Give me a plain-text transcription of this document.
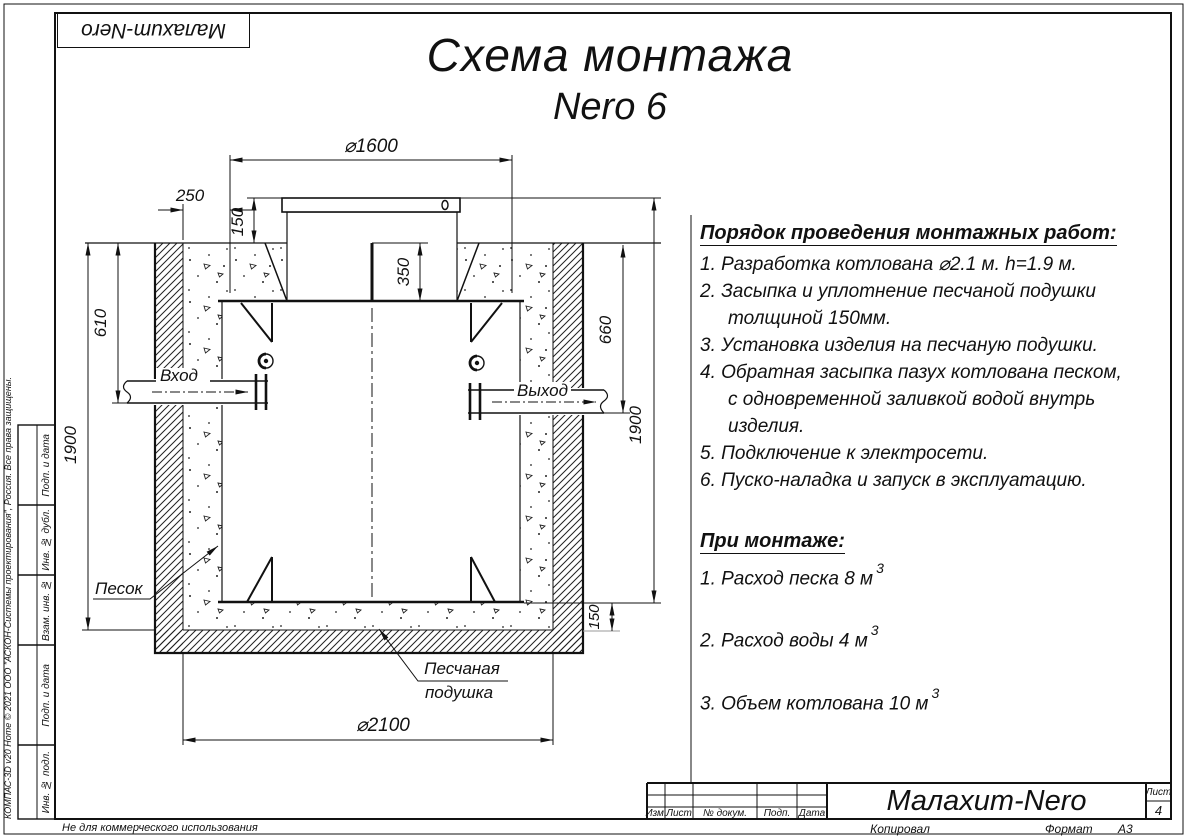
⌀1600
250
150
350
610
1900
660
1900
150
⌀2100
Вход
Выход
Песок
Песчаная
подушка
Малахит-Nero	Схема монтажа
Nero 6
Порядок проведения монтажных работ:
1. Разработка котлована ⌀2.1 м. h=1.9 м.
2. Засыпка и уплотнение песчаной подушки
толщиной 150мм.
3. Установка изделия на песчаную подушки.
4. Обратная засыпка пазух котлована песком,
с одновременной заливкой водой внутрь
изделия.
5. Подключение к электросети.
6. Пуско-наладка и запуск в эксплуатацию.
При монтаже:
1. Расход песка 8 $м^3$
2. Расход воды 4 $м^3$
3. Объем котлована 10 $м^3$
Изм. Лист	№ докум.	Подп. Дата	Малахит-Nero	Лист
4
Копировал	Формат А3
КОМПАС-3D v20 Home © 2021 ООО "АСКОН-Системы проектирования", Россия. Все права защищены.	Подп. и дата
Инв. № дубл.
Взам. инв. №
Подп. и дата
Инв. № подл.
Не для коммерческого использования
